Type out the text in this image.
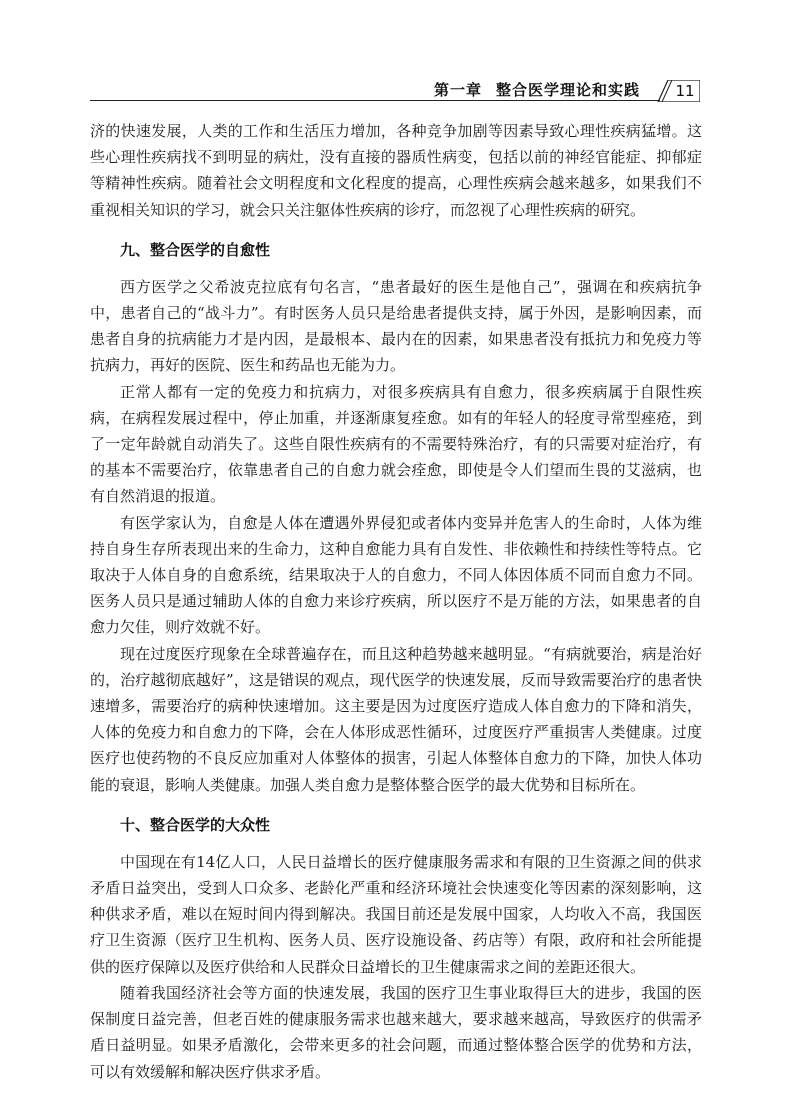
第一章 整合医学理论和实践	11

济的快速发展，人类的工作和生活压力增加，各种竞争加剧等因素导致心理性疾病猛增。这些心理性疾病找不到明显的病灶，没有直接的器质性病变，包括以前的神经官能症、抑郁症等精神性疾病。随着社会文明程度和文化程度的提高，心理性疾病会越来越多，如果我们不重视相关知识的学习，就会只关注躯体性疾病的诊疗，而忽视了心理性疾病的研究。

九、整合医学的自愈性

西方医学之父希波克拉底有句名言，“患者最好的医生是他自己”，强调在和疾病抗争中，患者自己的“战斗力”。有时医务人员只是给患者提供支持，属于外因，是影响因素，而患者自身的抗病能力才是内因，是最根本、最内在的因素，如果患者没有抵抗力和免疫力等抗病力，再好的医院、医生和药品也无能为力。

正常人都有一定的免疫力和抗病力，对很多疾病具有自愈力，很多疾病属于自限性疾病，在病程发展过程中，停止加重，并逐渐康复痊愈。如有的年轻人的轻度寻常型痤疮，到了一定年龄就自动消失了。这些自限性疾病有的不需要特殊治疗，有的只需要对症治疗，有的基本不需要治疗，依靠患者自己的自愈力就会痊愈，即使是令人们望而生畏的艾滋病，也有自然消退的报道。

有医学家认为，自愈是人体在遭遇外界侵犯或者体内变异并危害人的生命时，人体为维持自身生存所表现出来的生命力，这种自愈能力具有自发性、非依赖性和持续性等特点。它取决于人体自身的自愈系统，结果取决于人的自愈力，不同人体因体质不同而自愈力不同。医务人员只是通过辅助人体的自愈力来诊疗疾病，所以医疗不是万能的方法，如果患者的自愈力欠佳，则疗效就不好。

现在过度医疗现象在全球普遍存在，而且这种趋势越来越明显。“有病就要治，病是治好的，治疗越彻底越好”，这是错误的观点，现代医学的快速发展，反而导致需要治疗的患者快速增多，需要治疗的病种快速增加。这主要是因为过度医疗造成人体自愈力的下降和消失，人体的免疫力和自愈力的下降，会在人体形成恶性循环，过度医疗严重损害人类健康。过度医疗也使药物的不良反应加重对人体整体的损害，引起人体整体自愈力的下降，加快人体功能的衰退，影响人类健康。加强人类自愈力是整体整合医学的最大优势和目标所在。

十、整合医学的大众性

中国现在有14亿人口，人民日益增长的医疗健康服务需求和有限的卫生资源之间的供求矛盾日益突出，受到人口众多、老龄化严重和经济环境社会快速变化等因素的深刻影响，这种供求矛盾，难以在短时间内得到解决。我国目前还是发展中国家，人均收入不高，我国医疗卫生资源（医疗卫生机构、医务人员、医疗设施设备、药店等）有限，政府和社会所能提供的医疗保障以及医疗供给和人民群众日益增长的卫生健康需求之间的差距还很大。

随着我国经济社会等方面的快速发展，我国的医疗卫生事业取得巨大的进步，我国的医保制度日益完善，但老百姓的健康服务需求也越来越大，要求越来越高，导致医疗的供需矛盾日益明显。如果矛盾激化，会带来更多的社会问题，而通过整体整合医学的优势和方法，可以有效缓解和解决医疗供求矛盾。
